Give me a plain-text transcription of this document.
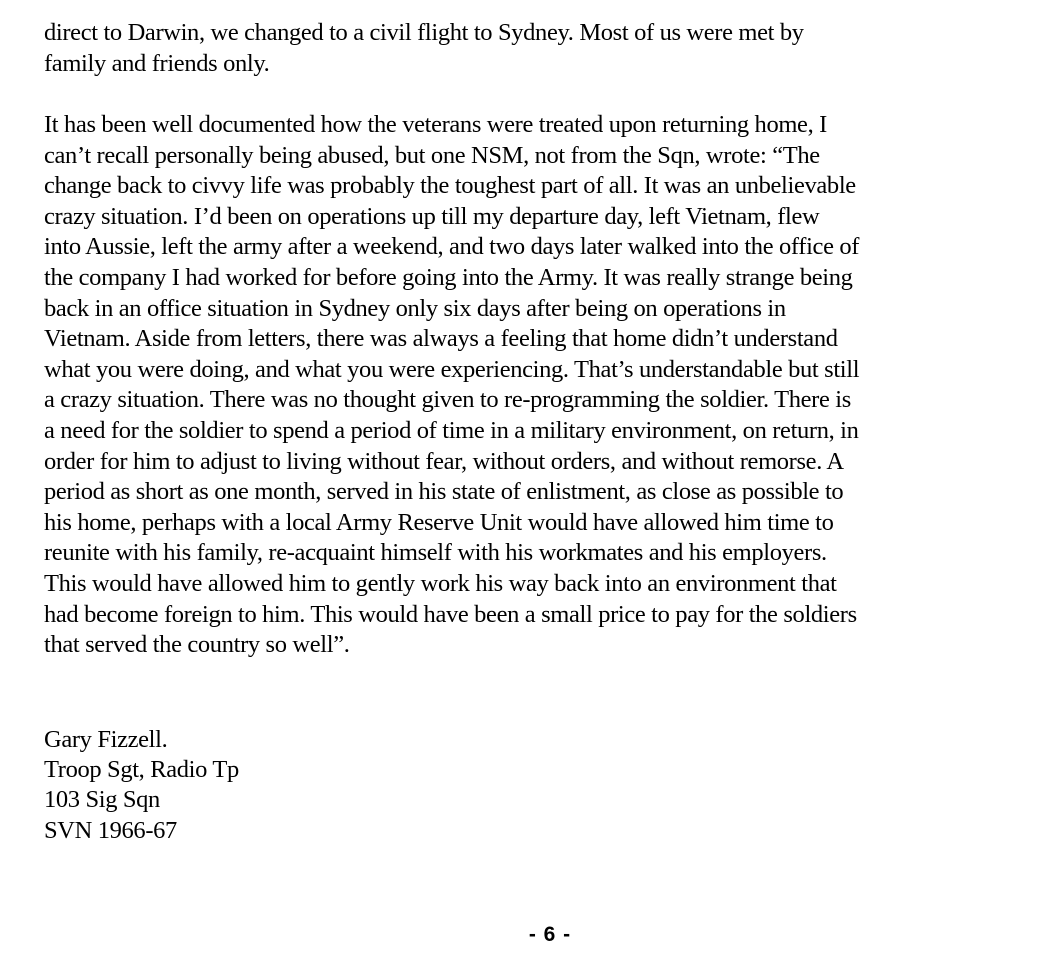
direct to Darwin, we changed to a civil flight to Sydney. Most of us were met by
family and friends only.

It has been well documented how the veterans were treated upon returning home, I
can’t recall personally being abused, but one NSM, not from the Sqn, wrote: “The
change back to civvy life was probably the toughest part of all. It was an unbelievable
crazy situation. I’d been on operations up till my departure day, left Vietnam, flew
into Aussie, left the army after a weekend, and two days later walked into the office of
the company I had worked for before going into the Army. It was really strange being
back in an office situation in Sydney only six days after being on operations in
Vietnam. Aside from letters, there was always a feeling that home didn’t understand
what you were doing, and what you were experiencing. That’s understandable but still
a crazy situation. There was no thought given to re-programming the soldier. There is
a need for the soldier to spend a period of time in a military environment, on return, in
order for him to adjust to living without fear, without orders, and without remorse. A
period as short as one month, served in his state of enlistment, as close as possible to
his home, perhaps with a local Army Reserve Unit would have allowed him time to
reunite with his family, re-acquaint himself with his workmates and his employers.
This would have allowed him to gently work his way back into an environment that
had become foreign to him. This would have been a small price to pay for the soldiers
that served the country so well”.

Gary Fizzell.
Troop Sgt, Radio Tp
103 Sig Sqn
SVN 1966-67
- 6 -
